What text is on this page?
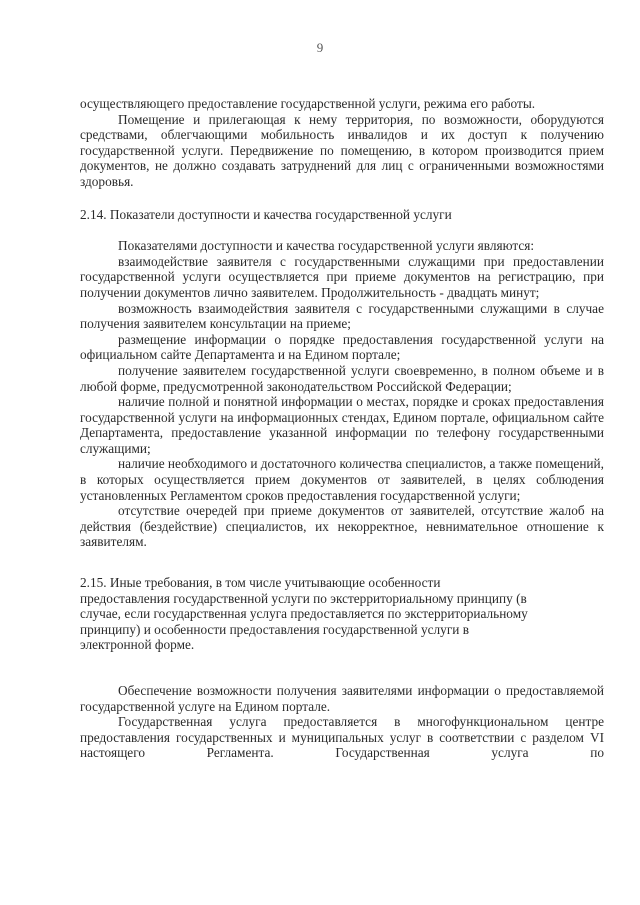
9

осуществляющего предоставление государственной услуги, режима его работы.

Помещение и прилегающая к нему территория, по возможности, оборудуются средствами, облегчающими мобильность инвалидов и их доступ к получению государственной услуги. Передвижение по помещению, в котором производится прием документов, не должно создавать затруднений для лиц с ограниченными возможностями здоровья.

2.14. Показатели доступности и качества государственной услуги

Показателями доступности и качества государственной услуги являются:

взаимодействие заявителя с государственными служащими при предоставлении государственной услуги осуществляется при приеме документов на регистрацию, при получении документов лично заявителем. Продолжительность - двадцать минут;

возможность взаимодействия заявителя с государственными служащими в случае получения заявителем консультации на приеме;

размещение информации о порядке предоставления государственной услуги на официальном сайте Департамента и на Едином портале;

получение заявителем государственной услуги своевременно, в полном объеме и в любой форме, предусмотренной законодательством Российской Федерации;

наличие полной и понятной информации о местах, порядке и сроках предоставления государственной услуги на информационных стендах, Едином портале, официальном сайте Департамента, предоставление указанной информации по телефону государственными служащими;

наличие необходимого и достаточного количества специалистов, а также помещений, в которых осуществляется прием документов от заявителей, в целях соблюдения установленных Регламентом сроков предоставления государственной услуги;

отсутствие очередей при приеме документов от заявителей, отсутствие жалоб на действия (бездействие) специалистов, их некорректное, невнимательное отношение к заявителям.

2.15. Иные требования, в том числе учитывающие особенности
предоставления государственной услуги по экстерриториальному принципу (в
случае, если государственная услуга предоставляется по экстерриториальному
принципу) и особенности предоставления государственной услуги в
электронной форме.

Обеспечение возможности получения заявителями информации о предоставляемой государственной услуге на Едином портале.

Государственная услуга предоставляется в многофункциональном центре предоставления государственных и муниципальных услуг в соответствии с разделом VI настоящего Регламента. Государственная услуга по
